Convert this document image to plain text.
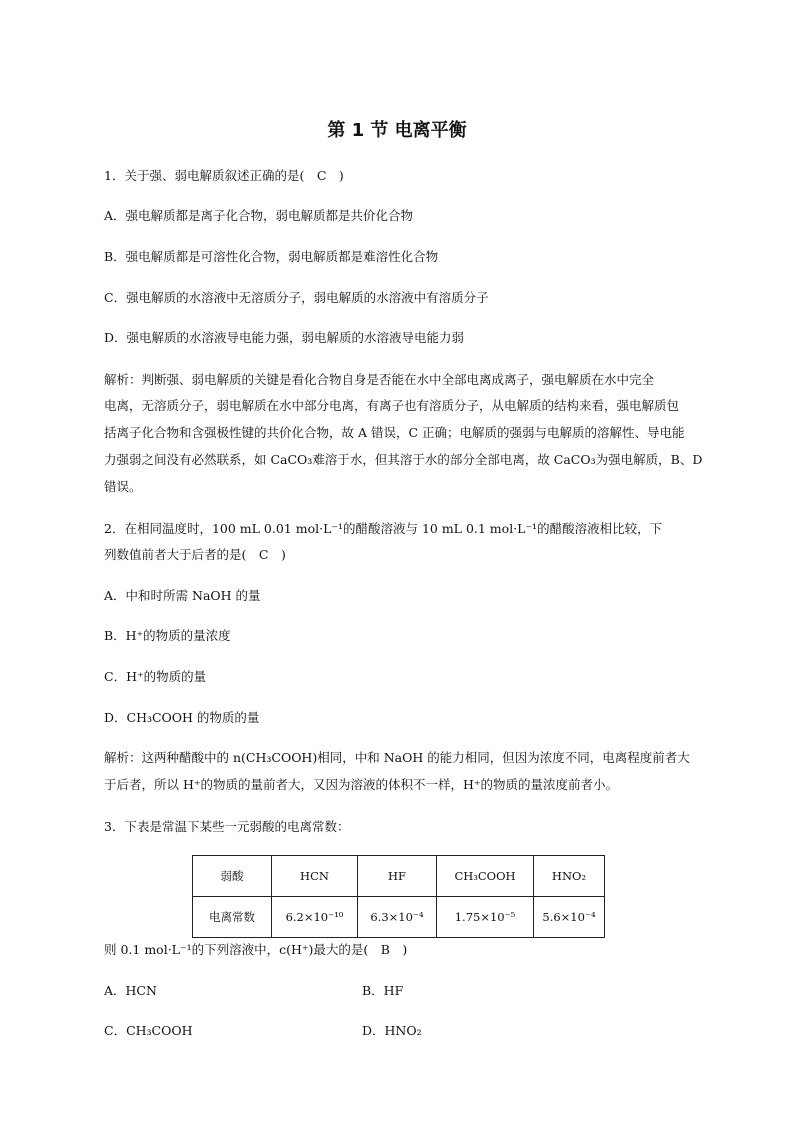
第 1 节 电离平衡
1．关于强、弱电解质叙述正确的是(　C　)
A．强电解质都是离子化合物，弱电解质都是共价化合物
B．强电解质都是可溶性化合物，弱电解质都是难溶性化合物
C．强电解质的水溶液中无溶质分子，弱电解质的水溶液中有溶质分子
D．强电解质的水溶液导电能力强，弱电解质的水溶液导电能力弱
解析：判断强、弱电解质的关键是看化合物自身是否能在水中全部电离成离子，强电解质在水中完全
电离，无溶质分子，弱电解质在水中部分电离，有离子也有溶质分子，从电解质的结构来看，强电解质包
括离子化合物和含强极性键的共价化合物，故 A 错误，C 正确；电解质的强弱与电解质的溶解性、导电能
力强弱之间没有必然联系，如 CaCO₃难溶于水，但其溶于水的部分全部电离，故 CaCO₃为强电解质，B、D
错误。
2．在相同温度时，100 mL 0.01 mol·L⁻¹的醋酸溶液与 10 mL 0.1 mol·L⁻¹的醋酸溶液相比较，下
列数值前者大于后者的是(　C　)
A．中和时所需 NaOH 的量
B．H⁺的物质的量浓度
C．H⁺的物质的量
D．CH₃COOH 的物质的量
解析：这两种醋酸中的 n(CH₃COOH)相同，中和 NaOH 的能力相同，但因为浓度不同，电离程度前者大
于后者，所以 H⁺的物质的量前者大，又因为溶液的体积不一样，H⁺的物质的量浓度前者小。
3．下表是常温下某些一元弱酸的电离常数：
弱酸	HCN	HF	CH₃COOH	HNO₂
电离常数	6.2×10⁻¹⁰	6.3×10⁻⁴	1.75×10⁻⁵	5.6×10⁻⁴
则 0.1 mol·L⁻¹的下列溶液中，c(H⁺)最大的是(　B　)
A．HCN	B．HF
C．CH₃COOH	D．HNO₂
